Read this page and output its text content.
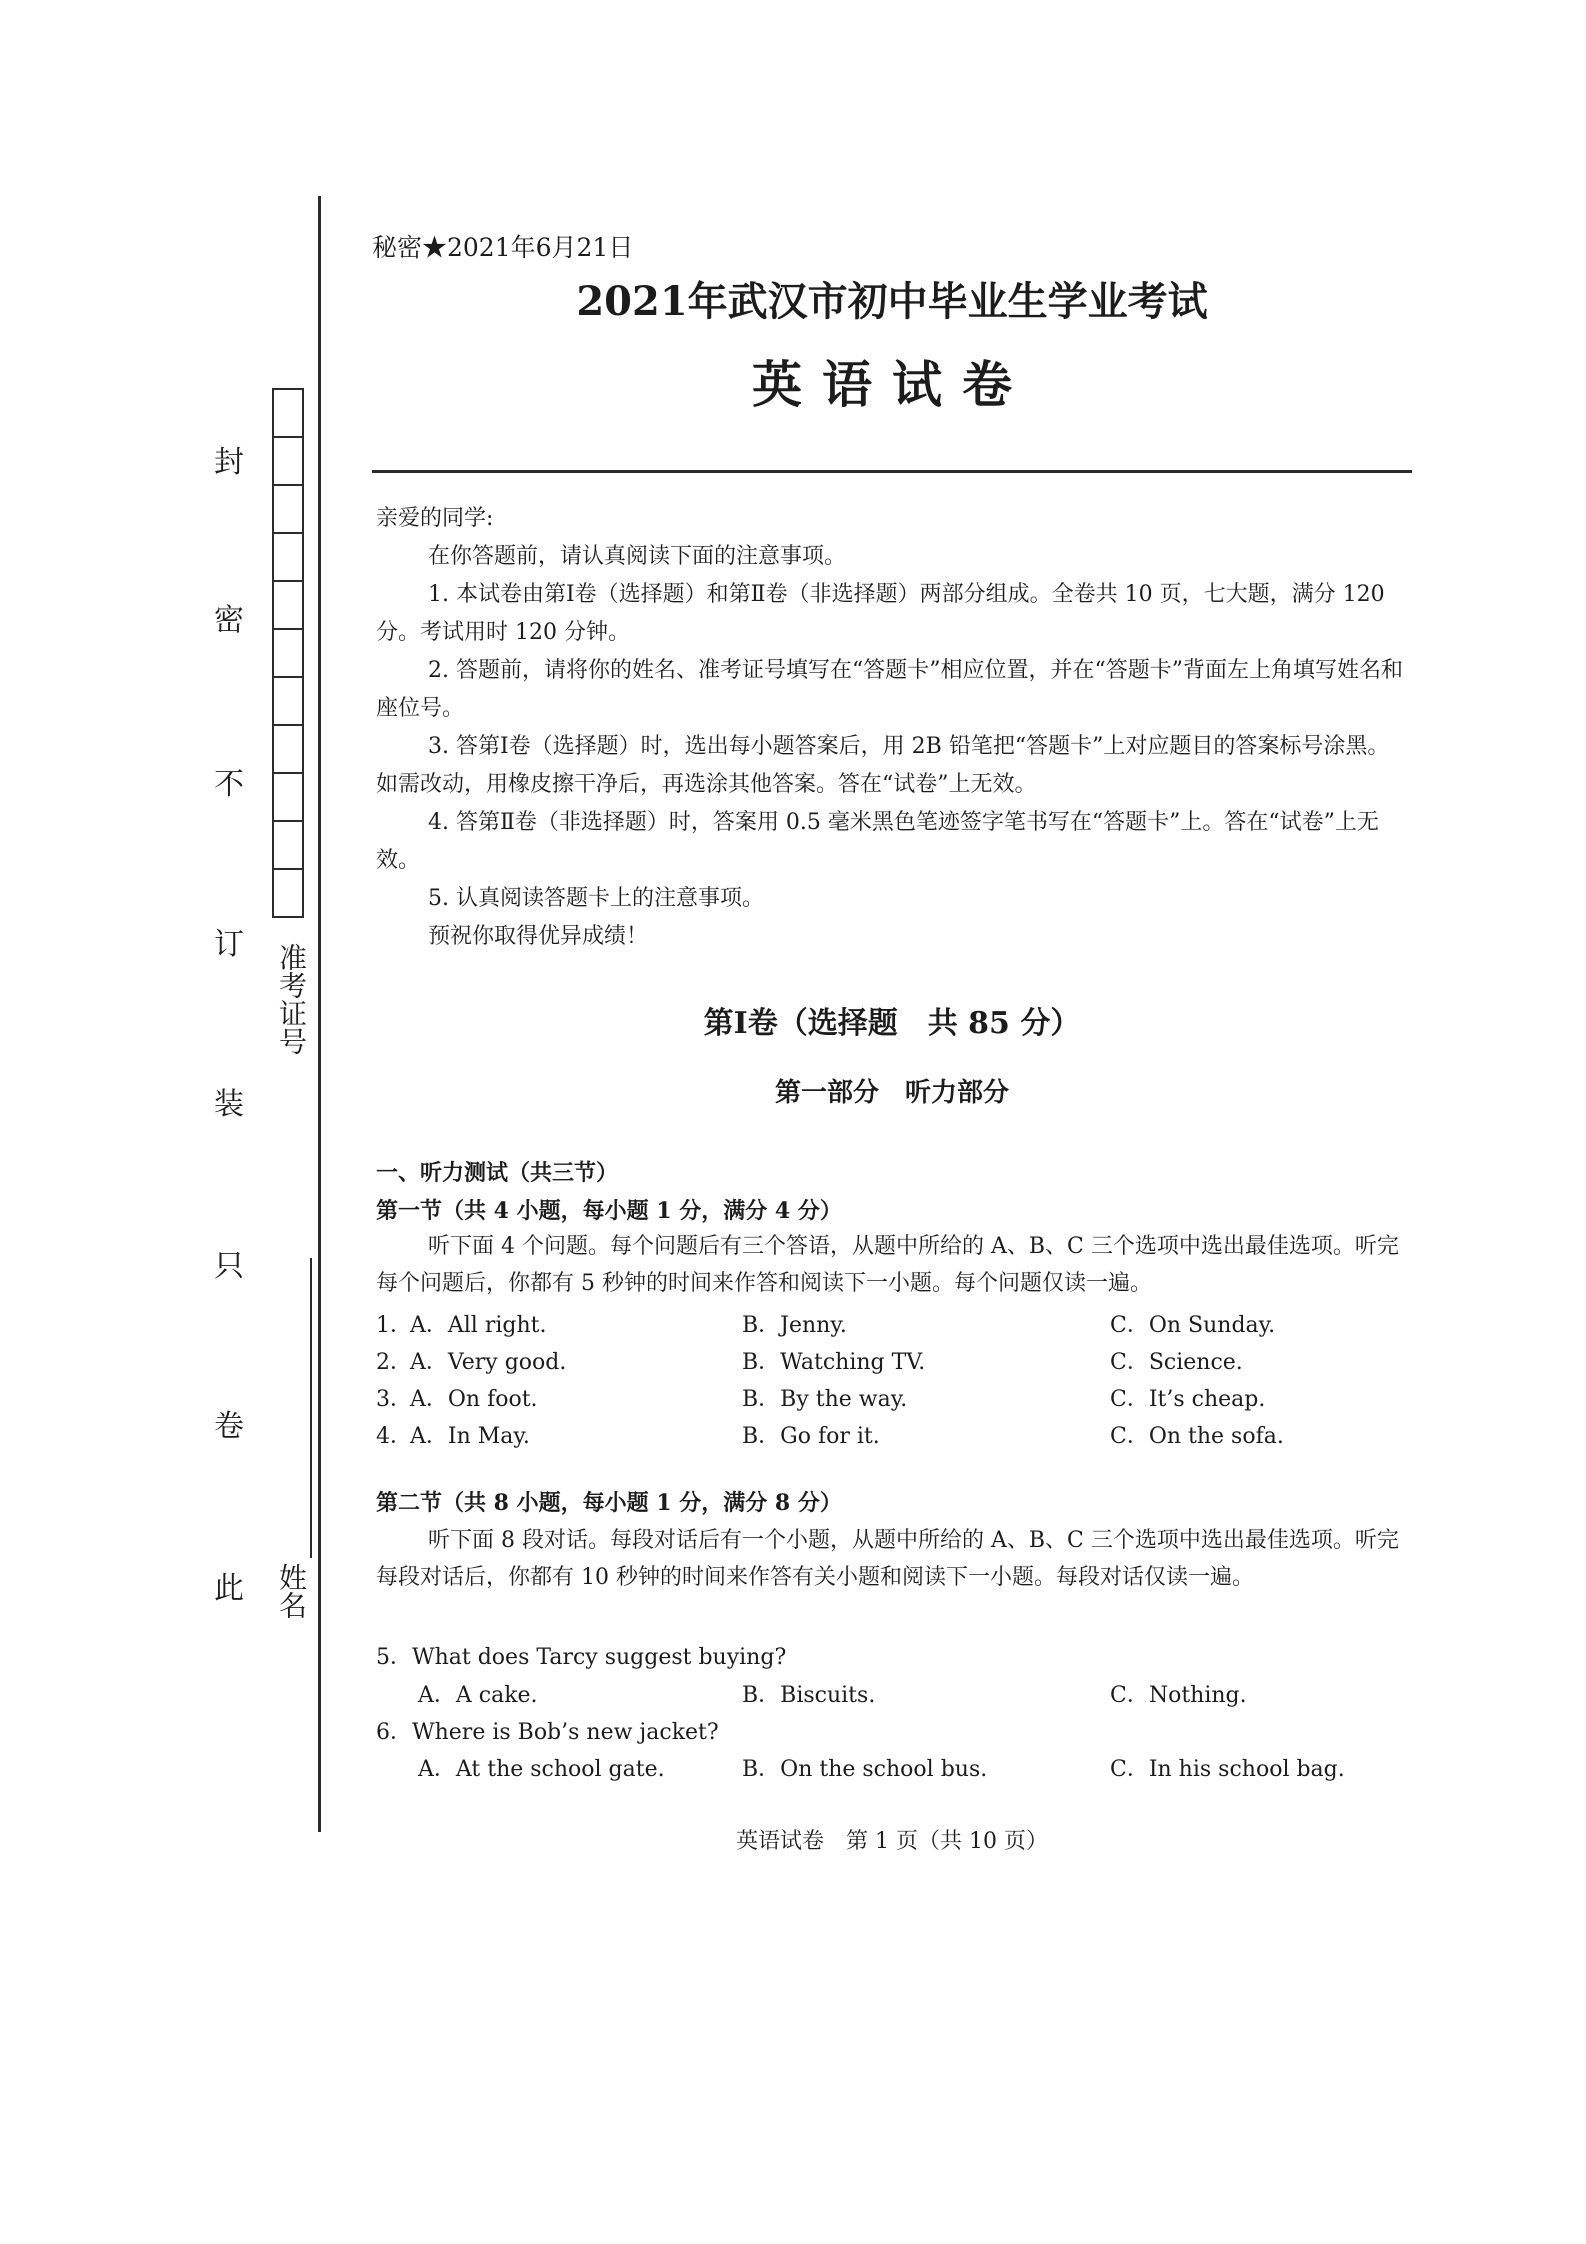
封
密
不
订
装
只
卷
此
准考证号
姓名
秘密★2021年6月21日
2021年武汉市初中毕业生学业考试
英语试卷
亲爱的同学:
在你答题前，请认真阅读下面的注意事项。
1. 本试卷由第Ⅰ卷（选择题）和第Ⅱ卷（非选择题）两部分组成。全卷共 10 页，七大题，满分 120 分。考试用时 120 分钟。
2. 答题前，请将你的姓名、准考证号填写在“答题卡”相应位置，并在“答题卡”背面左上角填写姓名和座位号。
3. 答第Ⅰ卷（选择题）时，选出每小题答案后，用 2B 铅笔把“答题卡”上对应题目的答案标号涂黑。如需改动，用橡皮擦干净后，再选涂其他答案。答在“试卷”上无效。
4. 答第Ⅱ卷（非选择题）时，答案用 0.5 毫米黑色笔迹签字笔书写在“答题卡”上。答在“试卷”上无效。
5. 认真阅读答题卡上的注意事项。
预祝你取得优异成绩！
第Ⅰ卷（选择题　共 85 分）
第一部分　听力部分
一、听力测试（共三节）
第一节（共 4 小题，每小题 1 分，满分 4 分）
听下面 4 个问题。每个问题后有三个答语，从题中所给的 A、B、C 三个选项中选出最佳选项。听完每个问题后，你都有 5 秒钟的时间来作答和阅读下一小题。每个问题仅读一遍。
1．
A．All right.	B．Jenny.	C．On Sunday.
2．
A．Very good.	B．Watching TV.	C．Science.
3．
A．On foot.	B．By the way.	C．It’s cheap.
4．
A．In May.	B．Go for it.	C．On the sofa.
第二节（共 8 小题，每小题 1 分，满分 8 分）
听下面 8 段对话。每段对话后有一个小题，从题中所给的 A、B、C 三个选项中选出最佳选项。听完每段对话后，你都有 10 秒钟的时间来作答有关小题和阅读下一小题。每段对话仅读一遍。
5．What does Tarcy suggest buying?
A．A cake.	B．Biscuits.	C．Nothing.
6．Where is Bob’s new jacket?
A．At the school gate.	B．On the school bus.	C．In his school bag.
英语试卷　第 1 页（共 10 页）
